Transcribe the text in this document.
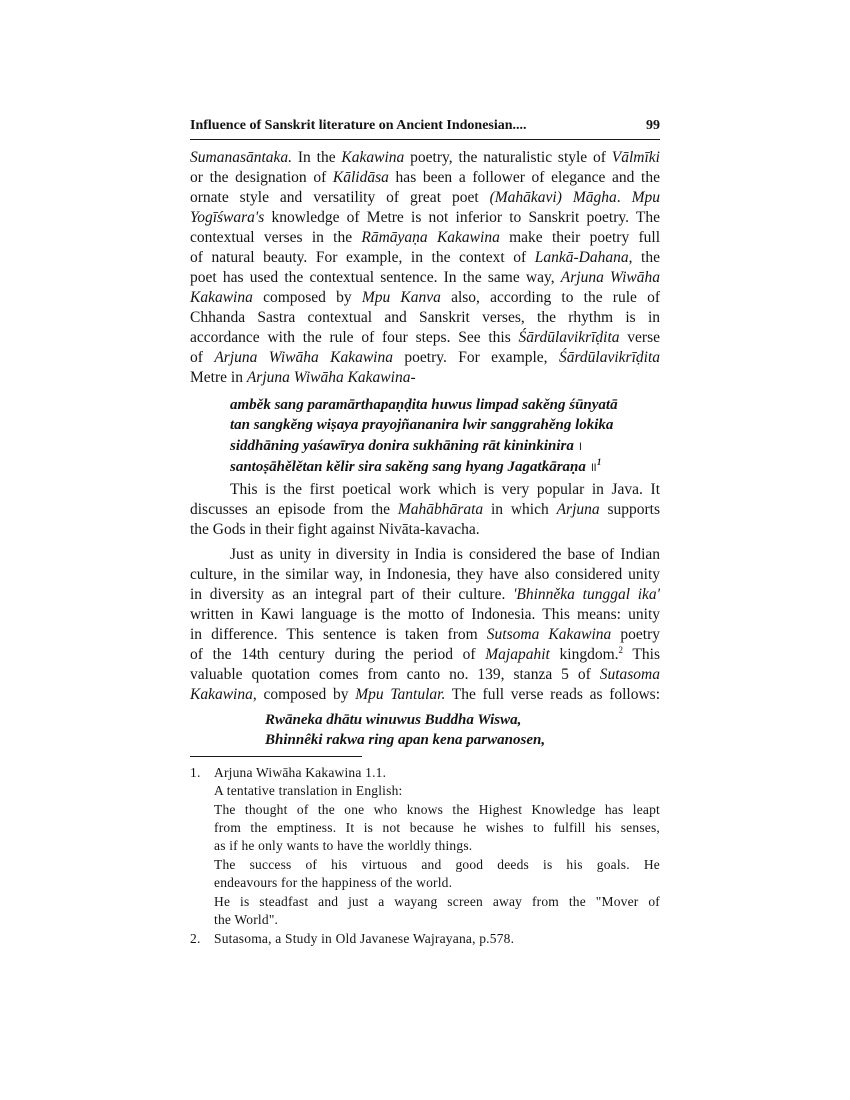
Influence of Sanskrit literature on Ancient Indonesian....	99
Sumanasāntaka. In the Kakawina poetry, the naturalistic style of Vālmīki
or the designation of Kālidāsa has been a follower of elegance and the
ornate style and versatility of great poet (Mahākavi) Māgha. Mpu
Yogīśwara's knowledge of Metre is not inferior to Sanskrit poetry. The
contextual verses in the Rāmāyaṇa Kakawina make their poetry full
of natural beauty. For example, in the context of Lankā-Dahana, the
poet has used the contextual sentence. In the same way, Arjuna Wiwāha
Kakawina composed by Mpu Kanva also, according to the rule of
Chhanda Sastra contextual and Sanskrit verses, the rhythm is in
accordance with the rule of four steps. See this Śārdūlavikrīḍita verse
of Arjuna Wiwāha Kakawina poetry. For example, Śārdūlavikrīḍita
Metre in Arjuna Wiwāha Kakawina-
amběk sang paramārthapaṇḍita huwus limpad sakěng śūnyatā
tan sangkěng wiṣaya prayojñananira lwir sanggrahěng lokika
siddhāning yaśawīrya donira sukhāning rāt kininkinira ।
santoṣāhělětan kělir sira sakěng sang hyang Jagatkāraṇa ॥$^1$
This is the first poetical work which is very popular in Java. It
discusses an episode from the Mahābhārata in which Arjuna supports
the Gods in their fight against Nivāta-kavacha.
Just as unity in diversity in India is considered the base of Indian
culture, in the similar way, in Indonesia, they have also considered unity
in diversity as an integral part of their culture. 'Bhinněka tunggal ika'
written in Kawi language is the motto of Indonesia. This means: unity
in difference. This sentence is taken from Sutsoma Kakawina poetry
of the 14th century during the period of Majapahit kingdom.$^2$ This
valuable quotation comes from canto no. 139, stanza 5 of Sutasoma
Kakawina, composed by Mpu Tantular. The full verse reads as follows:
Rwāneka dhātu winuwus Buddha Wiswa,
Bhinnêki rakwa ring apan kena parwanosen,
1. Arjuna Wiwāha Kakawina 1.1.
A tentative translation in English:
The thought of the one who knows the Highest Knowledge has leapt
from the emptiness. It is not because he wishes to fulfill his senses,
as if he only wants to have the worldly things.
The success of his virtuous and good deeds is his goals. He
endeavours for the happiness of the world.
He is steadfast and just a wayang screen away from the "Mover of
the World".
2. Sutasoma, a Study in Old Javanese Wajrayana, p.578.
